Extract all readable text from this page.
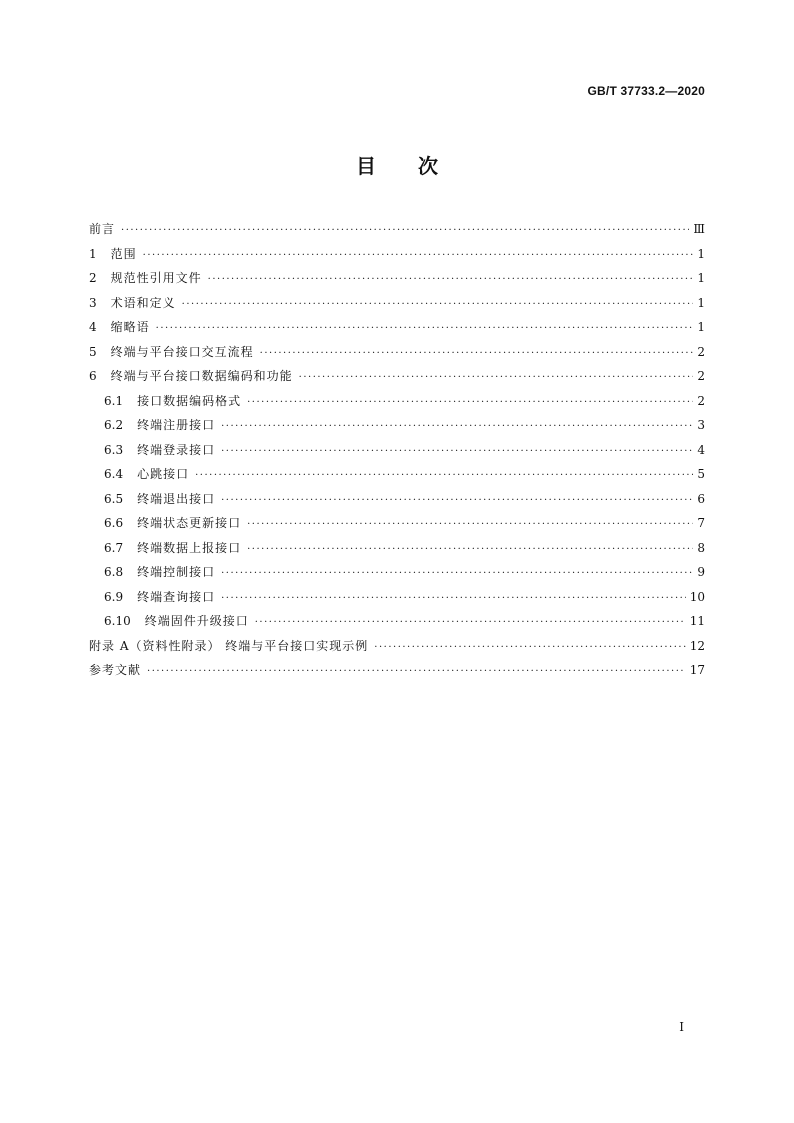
GB/T 37733.2—2020
目次
前言 ·····	Ⅲ
1 范围 ·····	1
2 规范性引用文件 ·····	1
3 术语和定义 ·····	1
4 缩略语 ·····	1
5 终端与平台接口交互流程 ·····	2
6 终端与平台接口数据编码和功能 ·····	2
6.1 接口数据编码格式 ·····	2
6.2 终端注册接口 ·····	3
6.3 终端登录接口 ·····	4
6.4 心跳接口 ·····	5
6.5 终端退出接口 ·····	6
6.6 终端状态更新接口 ·····	7
6.7 终端数据上报接口 ·····	8
6.8 终端控制接口 ·····	9
6.9 终端查询接口 ·····	10
6.10 终端固件升级接口 ·····	11
附录 A（资料性附录） 终端与平台接口实现示例 ·····	12
参考文献 ·····	17
I
